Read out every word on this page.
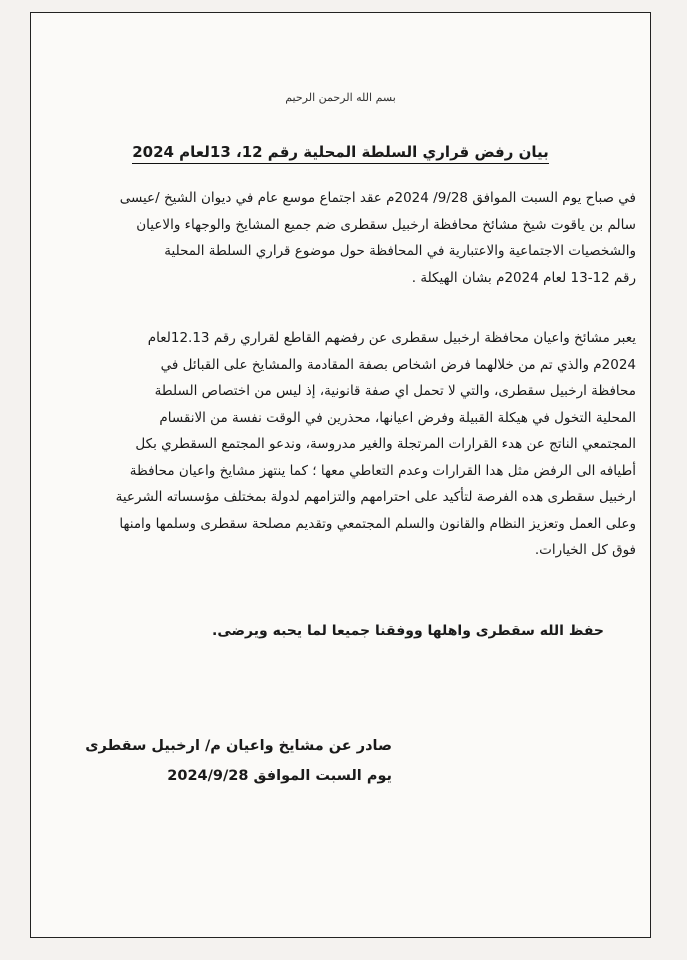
بسم الله الرحمن الرحيم
بيان رفض قراري السلطة المحلية رقم 12، 13لعام 2024
في صباح يوم السبت الموافق 9/28/ 2024م عقد اجتماع موسع عام في ديوان الشيخ /عيسى
سالم بن ياقوت شيخ مشائخ محافظة ارخبيل سقطرى ضم جميع المشايخ والوجهاء والاعيان
والشخصيات الاجتماعية والاعتبارية في المحافظة حول موضوع قراري السلطة المحلية
رقم 12-13 لعام 2024م بشان الهيكلة .
يعبر مشائخ واعيان محافظة ارخبيل سقطرى عن رفضهم القاطع لقراري رقم 12.13لعام
2024م والذي تم من خلالهما فرض اشخاص بصفة المقادمة والمشايخ على القبائل في
محافظة ارخبيل سقطرى، والتي لا تحمل اي صفة قانونية، إذ ليس من اختصاص السلطة
المحلية التخول في هيكلة القبيلة وفرض اعيانها، محذرين في الوقت نفسة من الانقسام
المجتمعي الناتج عن هدء القرارات المرتجلة والغير مدروسة، وندعو المجتمع السقطري بكل
أطيافه الى الرفض مثل هدا القرارات وعدم التعاطي معها ؛ كما ينتهز مشايخ واعيان محافظة
ارخبيل سقطرى هده الفرصة لتأكيد على احترامهم والتزامهم لدولة بمختلف مؤسساته الشرعية
وعلى العمل وتعزيز النظام والقانون والسلم المجتمعي وتقديم مصلحة سقطرى وسلمها وامنها
فوق كل الخيارات.
حفظ الله سقطرى واهلها ووفقنا جميعا لما يحبه ويرضى.
صادر عن مشايخ واعيان م/ ارخبيل سقطرى
يوم السبت الموافق 2024/9/28
